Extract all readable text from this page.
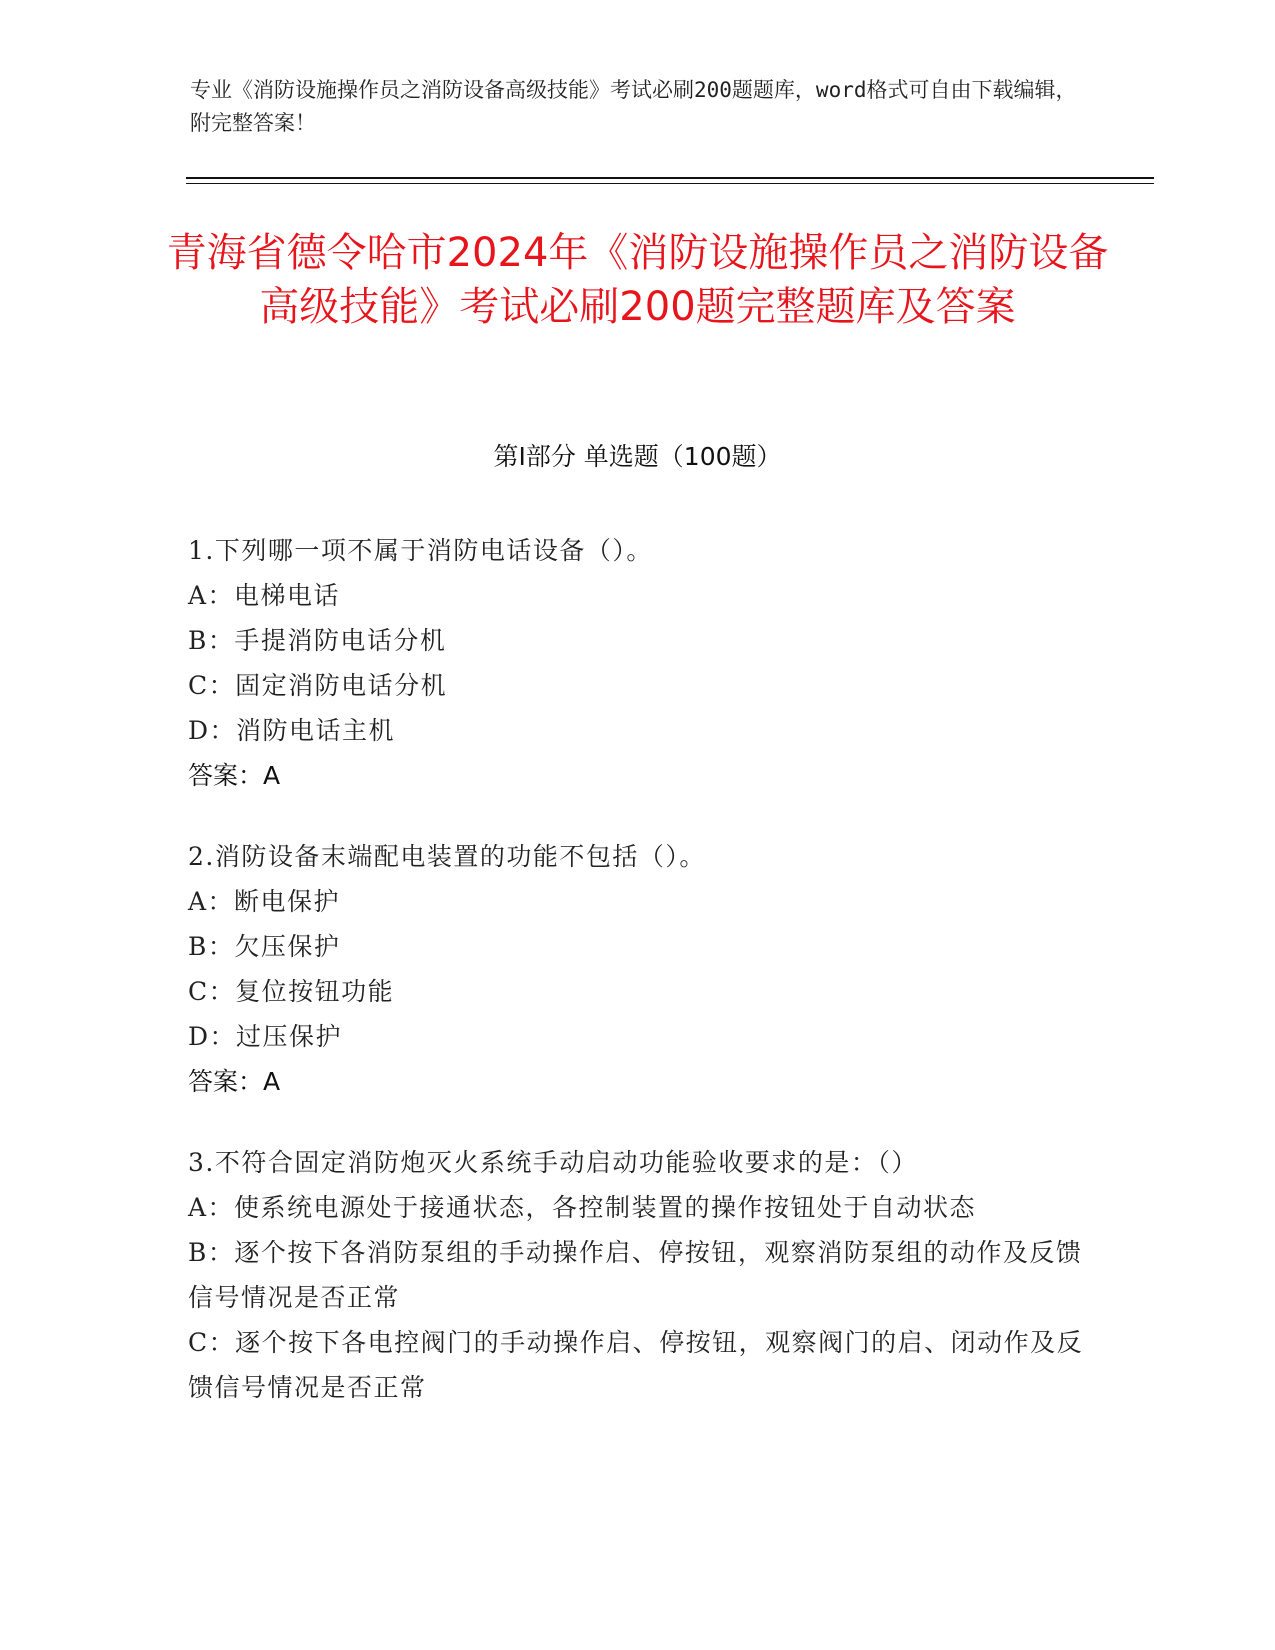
专业《消防设施操作员之消防设备高级技能》考试必刷200题题库，word格式可自由下载编辑，附完整答案！
青海省德令哈市2024年《消防设施操作员之消防设备高级技能》考试必刷200题完整题库及答案
第Ⅰ部分 单选题（100题）

1.下列哪一项不属于消防电话设备（）。

A：电梯电话

B：手提消防电话分机

C：固定消防电话分机

D：消防电话主机

答案：A

2.消防设备末端配电装置的功能不包括（）。

A：断电保护

B：欠压保护

C：复位按钮功能

D：过压保护

答案：A

3.不符合固定消防炮灭火系统手动启动功能验收要求的是：（）

A：使系统电源处于接通状态，各控制装置的操作按钮处于自动状态

B：逐个按下各消防泵组的手动操作启、停按钮，观察消防泵组的动作及反馈信号情况是否正常

C：逐个按下各电控阀门的手动操作启、停按钮，观察阀门的启、闭动作及反馈信号情况是否正常
